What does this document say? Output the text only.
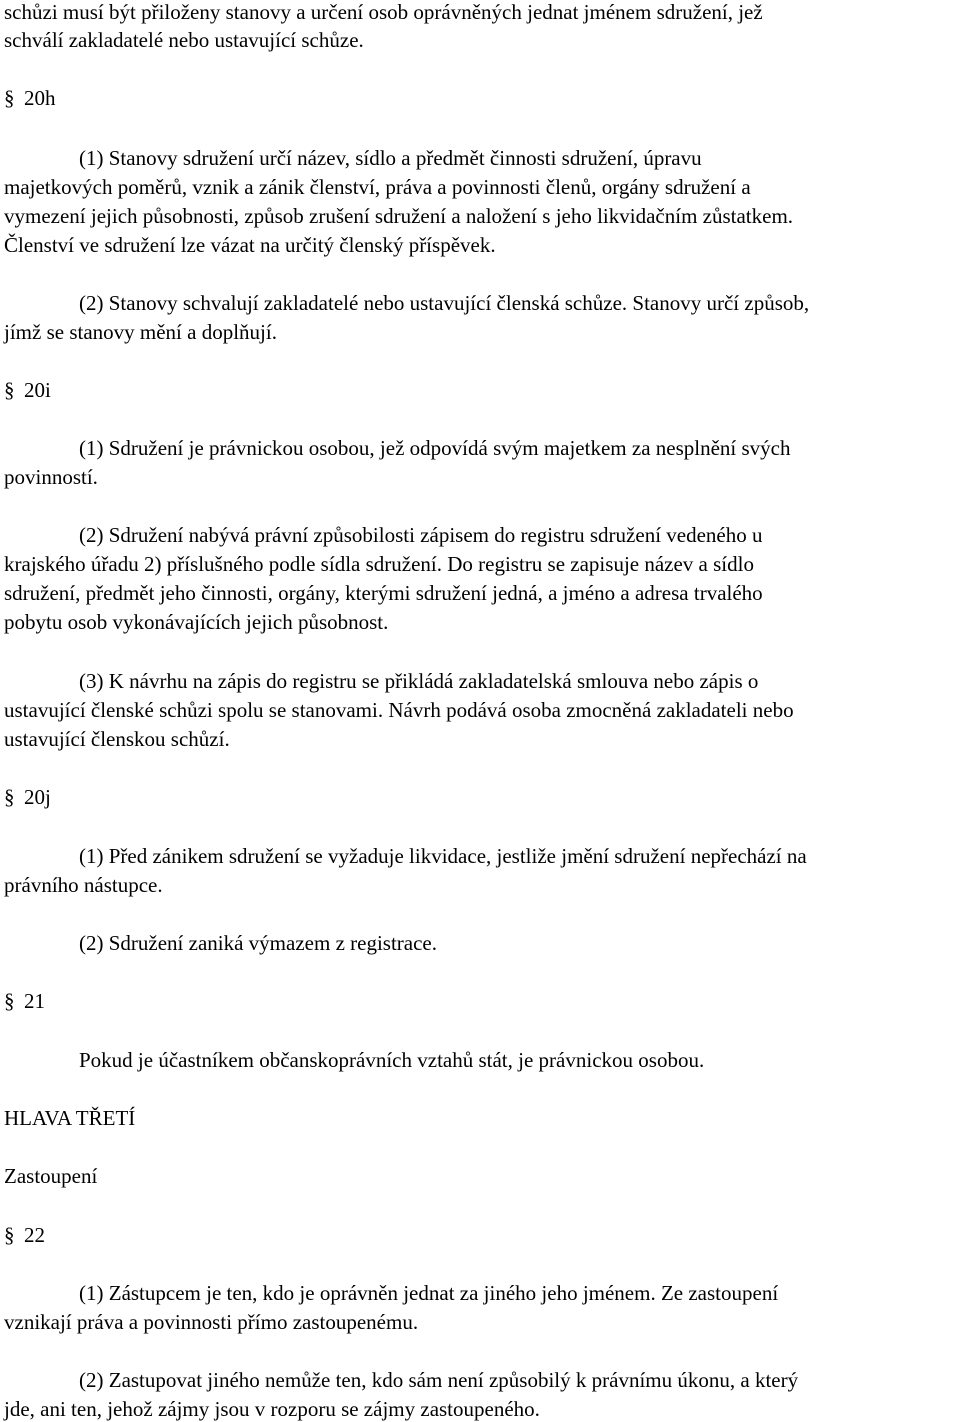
schůzi musí být přiloženy stanovy a určení osob oprávněných jednat jménem sdružení, jež
schválí zakladatelé nebo ustavující schůze.
§ 20h
(1) Stanovy sdružení určí název, sídlo a předmět činnosti sdružení, úpravu
majetkových poměrů, vznik a zánik členství, práva a povinnosti členů, orgány sdružení a
vymezení jejich působnosti, způsob zrušení sdružení a naložení s jeho likvidačním zůstatkem.
Členství ve sdružení lze vázat na určitý členský příspěvek.
(2) Stanovy schvalují zakladatelé nebo ustavující členská schůze. Stanovy určí způsob,
jímž se stanovy mění a doplňují.
§ 20i
(1) Sdružení je právnickou osobou, jež odpovídá svým majetkem za nesplnění svých
povinností.
(2) Sdružení nabývá právní způsobilosti zápisem do registru sdružení vedeného u
krajského úřadu 2) příslušného podle sídla sdružení. Do registru se zapisuje název a sídlo
sdružení, předmět jeho činnosti, orgány, kterými sdružení jedná, a jméno a adresa trvalého
pobytu osob vykonávajících jejich působnost.
(3) K návrhu na zápis do registru se přikládá zakladatelská smlouva nebo zápis o
ustavující členské schůzi spolu se stanovami. Návrh podává osoba zmocněná zakladateli nebo
ustavující členskou schůzí.
§ 20j
(1) Před zánikem sdružení se vyžaduje likvidace, jestliže jmění sdružení nepřechází na
právního nástupce.
(2) Sdružení zaniká výmazem z registrace.
§ 21
Pokud je účastníkem občanskoprávních vztahů stát, je právnickou osobou.
HLAVA TŘETÍ
Zastoupení
§ 22
(1) Zástupcem je ten, kdo je oprávněn jednat za jiného jeho jménem. Ze zastoupení
vznikají práva a povinnosti přímo zastoupenému.
(2) Zastupovat jiného nemůže ten, kdo sám není způsobilý k právnímu úkonu, a který
jde, ani ten, jehož zájmy jsou v rozporu se zájmy zastoupeného.
